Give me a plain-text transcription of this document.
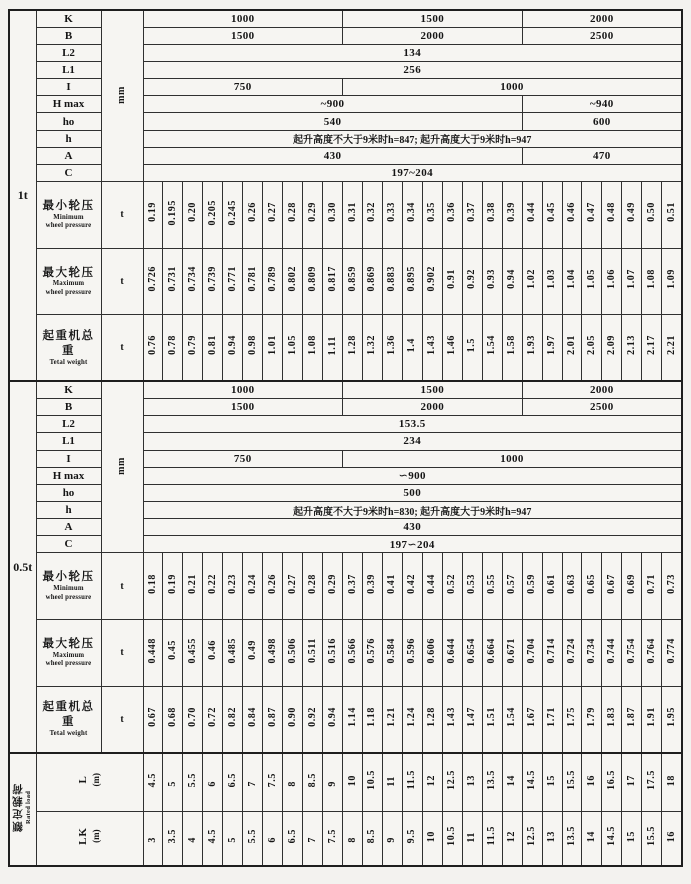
1t	K	mm	1000										1500									2000							
	B		1500										2000									2500							
	L2		134																										
	L1		256																										
	I		750										1000																
	H max		~900																			~940							
	ho		540																			600							
	h		起升高度不大于9米时h=847; 起升高度大于9米时h=947																										
	A		430																			470							
	C		197~204																										

	最小轮压
Minimum
wheel pressure	t	0.19	0.195	0.20	0.205	0.245	0.26	0.27	0.28	0.29	0.30	0.31	0.32	0.33	0.34	0.35	0.36	0.37	0.38	0.39	0.44	0.45	0.46	0.47	0.48	0.49	0.50	0.51

	最大轮压
Maximum
wheel pressure	t	0.726	0.731	0.734	0.739	0.771	0.781	0.789	0.802	0.809	0.817	0.859	0.869	0.883	0.895	0.902	0.91	0.92	0.93	0.94	1.02	1.03	1.04	1.05	1.06	1.07	1.08	1.09

	起重机总重
Tetal weight	t	0.76	0.78	0.79	0.81	0.94	0.98	1.01	1.05	1.08	1.11	1.28	1.32	1.36	1.4	1.43	1.46	1.5	1.54	1.58	1.93	1.97	2.01	2.05	2.09	2.13	2.17	2.21
0.5t	K	mm	1000										1500									2000							
	B		1500										2000									2500							
	L2		153.5																										
	L1		234																										
	I		750										1000																
	H max		∽900																										
	ho		500																										
	h		起升高度不大于9米时h=830; 起升高度大于9米时h=947																										
	A		430																										
	C		197∽204																										

	最小轮压
Minimum
wheel pressure	t	0.18	0.19	0.21	0.22	0.23	0.24	0.26	0.27	0.28	0.29	0.37	0.39	0.41	0.42	0.44	0.52	0.53	0.55	0.57	0.59	0.61	0.63	0.65	0.67	0.69	0.71	0.73

	最大轮压
Maximum
wheel pressure	t	0.448	0.45	0.455	0.46	0.485	0.49	0.498	0.506	0.511	0.516	0.566	0.576	0.584	0.596	0.606	0.644	0.654	0.664	0.671	0.704	0.714	0.724	0.734	0.744	0.754	0.764	0.774

	起重机总重
Tetal weight	t	0.67	0.68	0.70	0.72	0.82	0.84	0.87	0.90	0.92	0.94	1.14	1.18	1.21	1.24	1.28	1.43	1.47	1.51	1.54	1.67	1.71	1.75	1.79	1.83	1.87	1.91	1.95

额定载荷 Rated load

L (m)	4.5	5	5.5	6	6.5	7	7.5	8	8.5	9	10	10.5	11	11.5	12	12.5	13	13.5	14	14.5	15	15.5	16	16.5	17	17.5	18

	LK (m)		3	3.5	4	4.5	5	5.5	6	6.5	7	7.5	8	8.5	9	9.5	10	10.5	11	11.5	12	12.5	13	13.5	14	14.5	15	15.5	16
